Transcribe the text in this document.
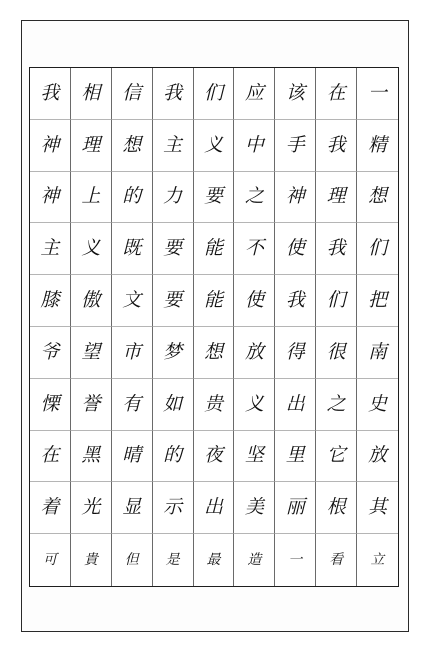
我	相	信	我	们	应	该	在	一
神	理	想	主	义	中	手	我	精
神	上	的	力	要	之	神	理	想
主	义	既	要	能	不	使	我	们
膝	傲	文	要	能	使	我	们	把
爷	望	市	梦	想	放	得	很	南
慄	誉	有	如	贵	义	出	之	史
在	黑	晴	的	夜	坚	里	它	放
着	光	显	示	出	美	丽	根	其
可	貴	但	是	最	造	一	看	立
